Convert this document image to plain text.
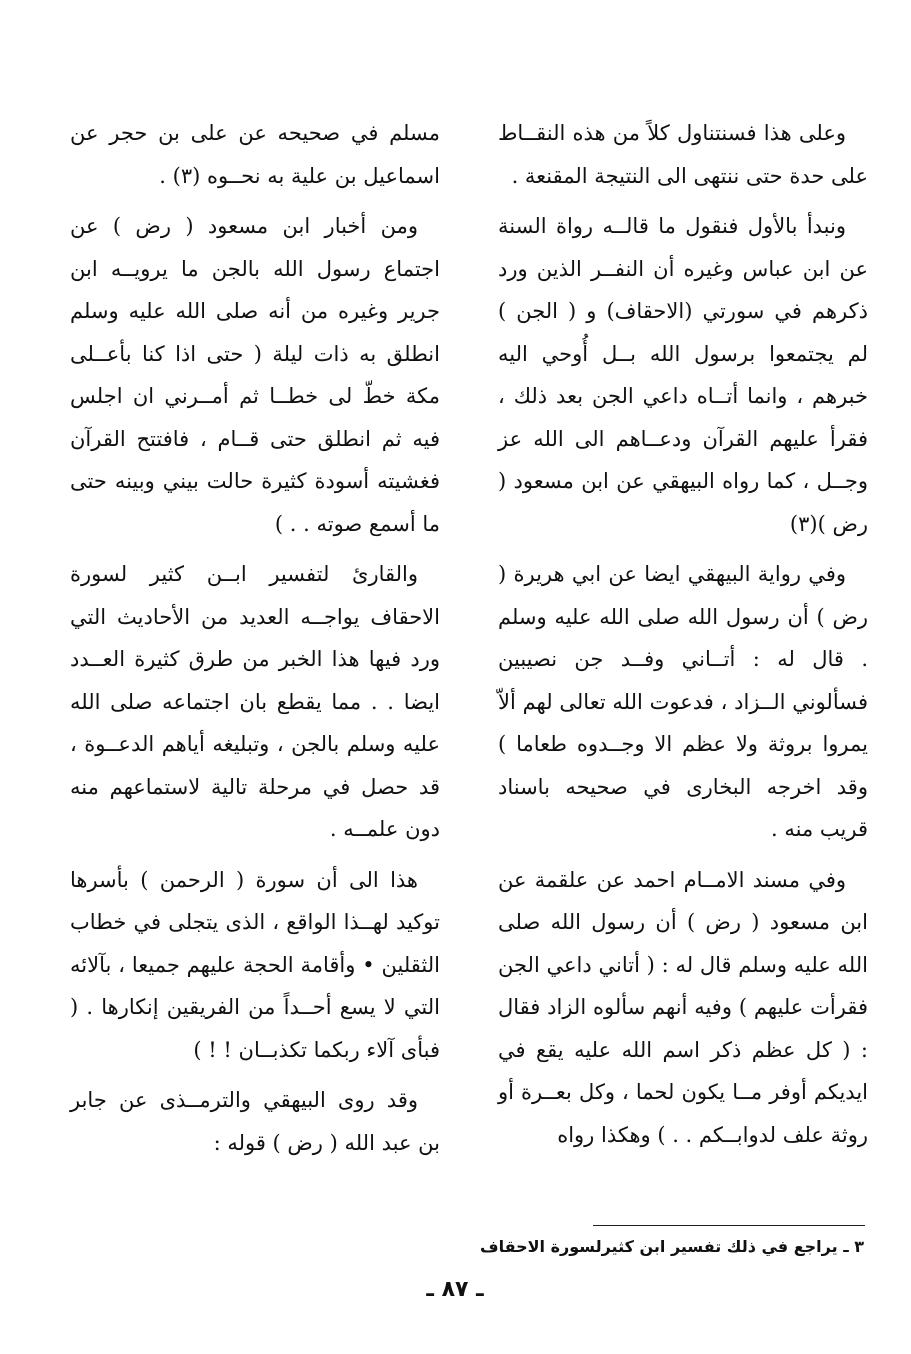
وعلى هذا فسنتناول كلاً من هذه النقــاط على حدة حتى ننتهى الى النتيجة المقنعة .

ونبدأ بالأول فنقول ما قالــه رواة السنة عن ابن عباس وغيره أن النفــر الذين ورد ذكرهم في سورتي (الاحقاف) و ( الجن ) لم يجتمعوا برسول الله بــل أُوحي اليه خبرهم ، وانما أتــاه داعي الجن بعد ذلك ، فقرأ عليهم القرآن ودعــاهم الى الله عز وجــل ، كما رواه البيهقي عن ابن مسعود ( رض )(٣)

وفي رواية البيهقي ايضا عن ابي هريرة ( رض ) أن رسول الله صلى الله عليه وسلم . قال له : أتــاني وفــد جن نصيبين فسألوني الــزاد ، فدعوت الله تعالى لهم ألاّ يمروا بروثة ولا عظم الا وجــدوه طعاما ) وقد اخرجه البخارى في صحيحه باسناد قريب منه .

وفي مسند الامــام احمد عن علقمة عن ابن مسعود ( رض ) أن رسول الله صلى الله عليه وسلم قال له : ( أتاني داعي الجن فقرأت عليهم ) وفيه أنهم سألوه الزاد فقال : ( كل عظم ذكر اسم الله عليه يقع في ايديكم أوفر مــا يكون لحما ، وكل بعــرة أو روثة علف لدوابــكم . . ) وهكذا رواه

مسلم في صحيحه عن على بن حجر عن اسماعيل بن علية به نحــوه (٣) .

ومن أخبار ابن مسعود ( رض ) عن اجتماع رسول الله بالجن ما يرويــه ابن جرير وغيره من أنه صلى الله عليه وسلم انطلق به ذات ليلة ( حتى اذا كنا بأعــلى مكة خطّ لى خطــا ثم أمــرني ان اجلس فيه ثم انطلق حتى قــام ، فافتتح القرآن فغشيته أسودة كثيرة حالت بيني وبينه حتى ما أسمع صوته . . )

والقارئ لتفسير ابــن كثير لسورة الاحقاف يواجــه العديد من الأحاديث التي ورد فيها هذا الخبر من طرق كثيرة العــدد ايضا . . مما يقطع بان اجتماعه صلى الله عليه وسلم بالجن ، وتبليغه أياهم الدعــوة ، قد حصل في مرحلة تالية لاستماعهم منه دون علمــه .

هذا الى أن سورة ( الرحمن ) بأسرها توكيد لهــذا الواقع ، الذى يتجلى في خطاب الثقلين • وأقامة الحجة عليهم جميعا ، بآلائه التي لا يسع أحــداً من الفريقين إنكارها . ( فبأى آلاء ربكما تكذبــان ! ! )

وقد روى البيهقي والترمــذى عن جابر بن عبد الله ( رض ) قوله :

٣ ـ يراجع في ذلك تفسير ابن كثيرلسورة الاحقاف
ـ ٨٧ ـ
